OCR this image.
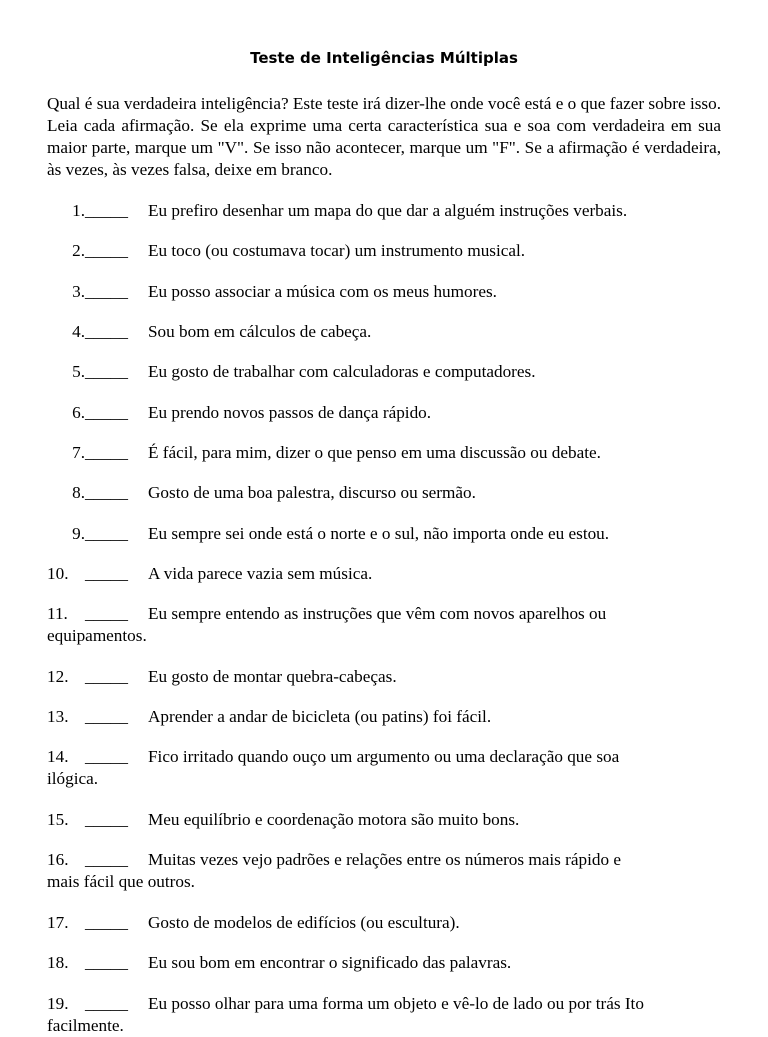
Teste de Inteligências Múltiplas

Qual é sua verdadeira inteligência? Este teste irá dizer-lhe onde você está e o que fazer sobre isso. Leia cada afirmação. Se ela exprime uma certa característica sua e soa com verdadeira em sua maior parte, marque um "V". Se isso não acontecer, marque um "F". Se a afirmação é verdadeira, às vezes, às vezes falsa, deixe em branco.

1. _____ Eu prefiro desenhar um mapa do que dar a alguém instruções verbais.
2. _____ Eu toco (ou costumava tocar) um instrumento musical.
3. _____ Eu posso associar a música com os meus humores.
4. _____ Sou bom em cálculos de cabeça.
5. _____ Eu gosto de trabalhar com calculadoras e computadores.
6. _____ Eu prendo novos passos de dança rápido.
7. _____ É fácil, para mim, dizer o que penso em uma discussão ou debate.
8. _____ Gosto de uma boa palestra, discurso ou sermão.
9. _____ Eu sempre sei onde está o norte e o sul, não importa onde eu estou.
10. _____ A vida parece vazia sem música.
11. _____ Eu sempre entendo as instruções que vêm com novos aparelhos ou
equipamentos.
12. _____ Eu gosto de montar quebra-cabeças.
13. _____ Aprender a andar de bicicleta (ou patins) foi fácil.
14. _____ Fico irritado quando ouço um argumento ou uma declaração que soa
ilógica.
15. _____ Meu equilíbrio e coordenação motora são muito bons.
16. _____ Muitas vezes vejo padrões e relações entre os números mais rápido e
mais fácil que outros.
17. _____ Gosto de modelos de edifícios (ou escultura).
18. _____ Eu sou bom em encontrar o significado das palavras.
19. _____ Eu posso olhar para uma forma um objeto e vê-lo de lado ou por trás Ito
facilmente.
